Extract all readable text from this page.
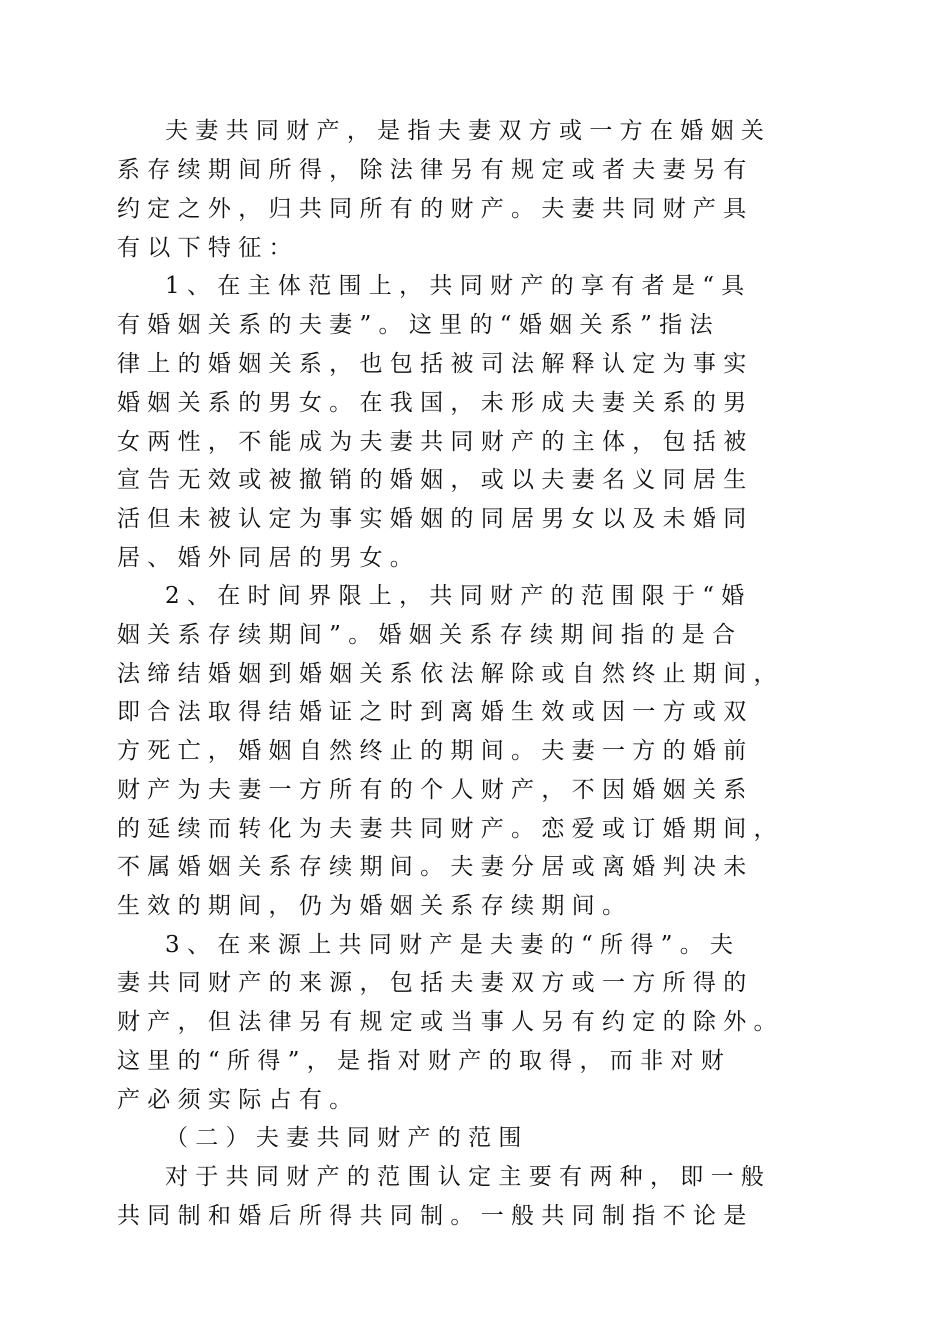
夫 妻 共 同 财 产 ， 是 指 夫 妻 双 方 或 一 方 在 婚 姻 关
系 存 续 期 间 所 得 ， 除 法 律 另 有 规 定 或 者 夫 妻 另 有
约 定 之 外 ， 归 共 同 所 有 的 财 产 。 夫 妻 共 同 财 产 具
有 以 下 特 征 ：
1 、 在 主 体 范 围 上 ， 共 同 财 产 的 享 有 者 是 “ 具
有 婚 姻 关 系 的 夫 妻 ” 。 这 里 的 “ 婚 姻 关 系 ” 指 法
律 上 的 婚 姻 关 系 ， 也 包 括 被 司 法 解 释 认 定 为 事 实
婚 姻 关 系 的 男 女 。 在 我 国 ， 未 形 成 夫 妻 关 系 的 男
女 两 性 ， 不 能 成 为 夫 妻 共 同 财 产 的 主 体 ， 包 括 被
宣 告 无 效 或 被 撤 销 的 婚 姻 ， 或 以 夫 妻 名 义 同 居 生
活 但 未 被 认 定 为 事 实 婚 姻 的 同 居 男 女 以 及 未 婚 同
居 、 婚 外 同 居 的 男 女 。
2 、 在 时 间 界 限 上 ， 共 同 财 产 的 范 围 限 于 “ 婚
姻 关 系 存 续 期 间 ” 。 婚 姻 关 系 存 续 期 间 指 的 是 合
法 缔 结 婚 姻 到 婚 姻 关 系 依 法 解 除 或 自 然 终 止 期 间 ，
即 合 法 取 得 结 婚 证 之 时 到 离 婚 生 效 或 因 一 方 或 双
方 死 亡 ， 婚 姻 自 然 终 止 的 期 间 。 夫 妻 一 方 的 婚 前
财 产 为 夫 妻 一 方 所 有 的 个 人 财 产 ， 不 因 婚 姻 关 系
的 延 续 而 转 化 为 夫 妻 共 同 财 产 。 恋 爱 或 订 婚 期 间 ，
不 属 婚 姻 关 系 存 续 期 间 。 夫 妻 分 居 或 离 婚 判 决 未
生 效 的 期 间 ， 仍 为 婚 姻 关 系 存 续 期 间 。
3 、 在 来 源 上 共 同 财 产 是 夫 妻 的 “ 所 得 ” 。 夫
妻 共 同 财 产 的 来 源 ， 包 括 夫 妻 双 方 或 一 方 所 得 的
财 产 ， 但 法 律 另 有 规 定 或 当 事 人 另 有 约 定 的 除 外 。
这 里 的 “ 所 得 ” ， 是 指 对 财 产 的 取 得 ， 而 非 对 财
产 必 须 实 际 占 有 。
（ 二 ） 夫 妻 共 同 财 产 的 范 围
对 于 共 同 财 产 的 范 围 认 定 主 要 有 两 种 ， 即 一 般
共 同 制 和 婚 后 所 得 共 同 制 。 一 般 共 同 制 指 不 论 是
